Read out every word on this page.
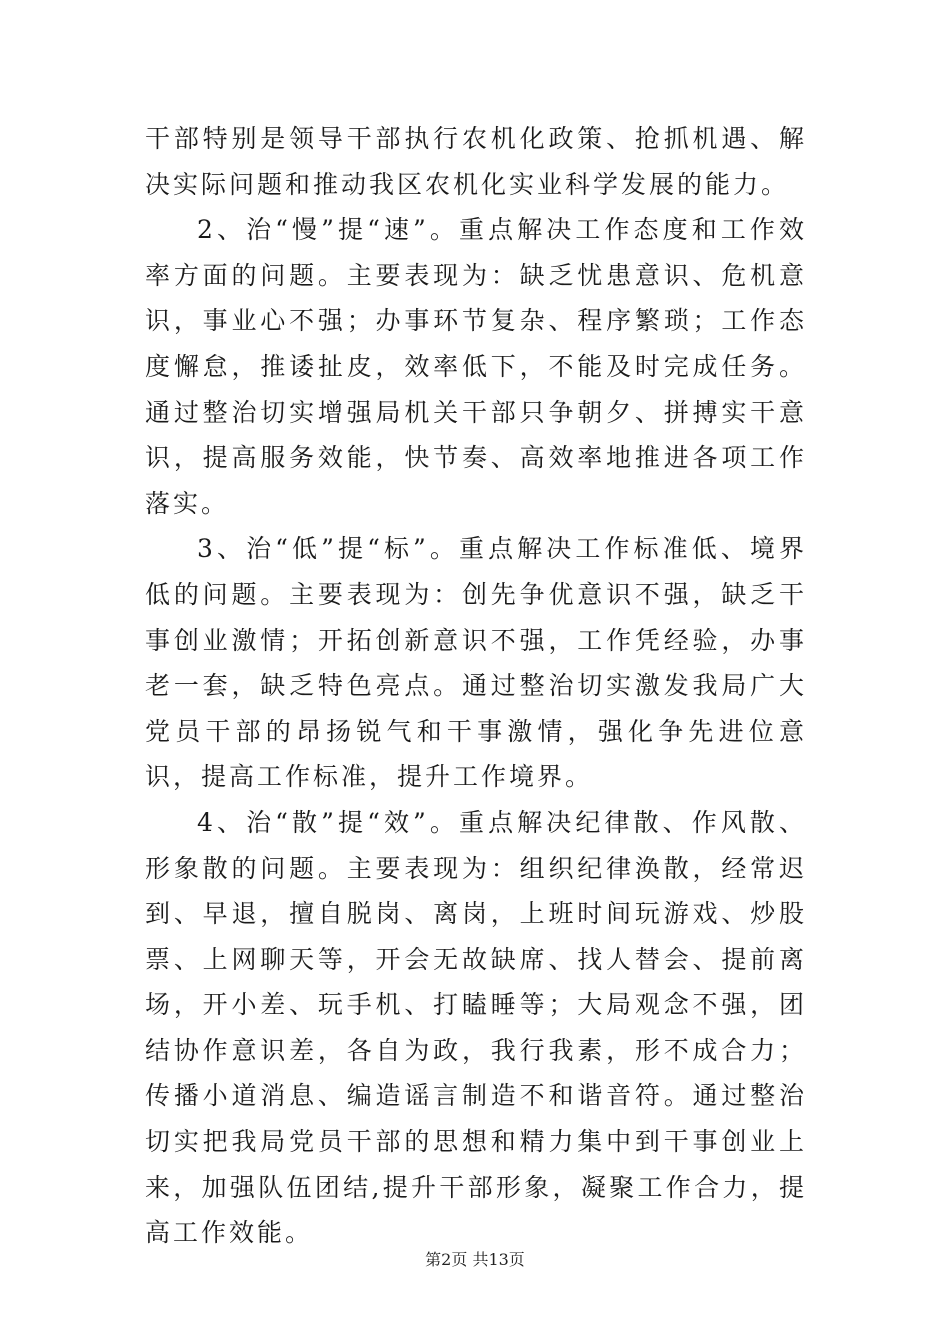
干部特别是领导干部执行农机化政策、抢抓机遇、解决实际问题和推动我区农机化实业科学发展的能力。

2、治“慢”提“速”。重点解决工作态度和工作效率方面的问题。主要表现为：缺乏忧患意识、危机意识，事业心不强；办事环节复杂、程序繁琐；工作态度懈怠，推诿扯皮，效率低下，不能及时完成任务。通过整治切实增强局机关干部只争朝夕、拼搏实干意识，提高服务效能，快节奏、高效率地推进各项工作落实。

3、治“低”提“标”。重点解决工作标准低、境界低的问题。主要表现为：创先争优意识不强，缺乏干事创业激情；开拓创新意识不强，工作凭经验，办事老一套，缺乏特色亮点。通过整治切实激发我局广大党员干部的昂扬锐气和干事激情，强化争先进位意识，提高工作标准，提升工作境界。

4、治“散”提“效”。重点解决纪律散、作风散、形象散的问题。主要表现为：组织纪律涣散，经常迟到、早退，擅自脱岗、离岗，上班时间玩游戏、炒股票、上网聊天等，开会无故缺席、找人替会、提前离场，开小差、玩手机、打瞌睡等；大局观念不强，团结协作意识差，各自为政，我行我素，形不成合力；传播小道消息、编造谣言制造不和谐音符。通过整治切实把我局党员干部的思想和精力集中到干事创业上来，加强队伍团结,提升干部形象，凝聚工作合力，提高工作效能。

第2页 共13页
